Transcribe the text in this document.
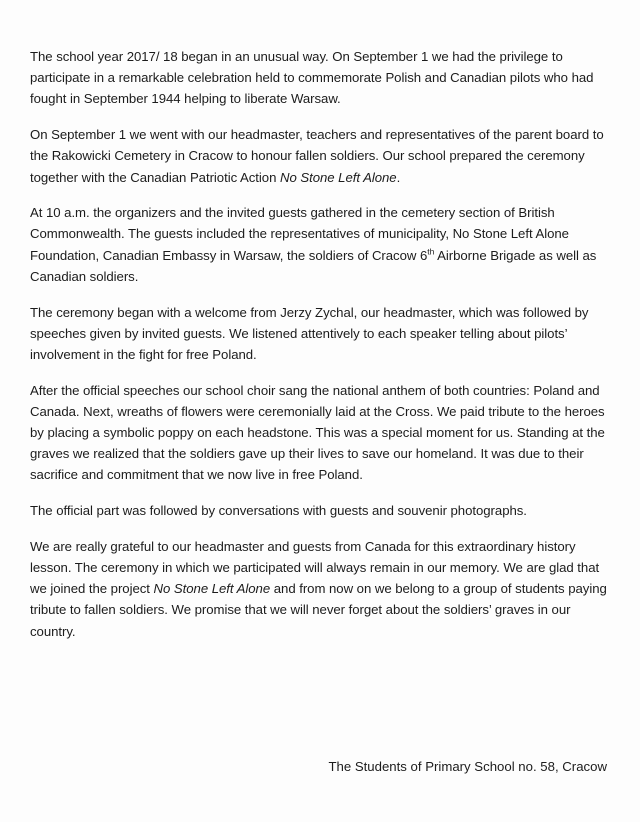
The school year 2017/ 18 began in an unusual way. On September 1 we had the privilege to participate in a remarkable celebration held to commemorate Polish and Canadian pilots who had fought in September 1944 helping to liberate Warsaw.

On September 1 we went with our headmaster, teachers and representatives of the parent board to the Rakowicki Cemetery in Cracow to honour fallen soldiers. Our school prepared the ceremony together with the Canadian Patriotic Action No Stone Left Alone.

At 10 a.m. the organizers and the invited guests gathered in the cemetery section of British Commonwealth. The guests included the representatives of municipality, No Stone Left Alone Foundation, Canadian Embassy in Warsaw, the soldiers of Cracow 6th Airborne Brigade as well as Canadian soldiers.

The ceremony began with a welcome from Jerzy Zychal, our headmaster, which was followed by speeches given by invited guests. We listened attentively to each speaker telling about pilots’ involvement in the fight for free Poland.

After the official speeches our school choir sang the national anthem of both countries: Poland and Canada. Next, wreaths of flowers were ceremonially laid at the Cross. We paid tribute to the heroes by placing a symbolic poppy on each headstone. This was a special moment for us. Standing at the graves we realized that the soldiers gave up their lives to save our homeland. It was due to their sacrifice and commitment that we now live in free Poland.

The official part was followed by conversations with guests and souvenir photographs.

We are really grateful to our headmaster and guests from Canada for this extraordinary history lesson. The ceremony in which we participated will always remain in our memory. We are glad that we joined the project No Stone Left Alone and from now on we belong to a group of students paying tribute to fallen soldiers. We promise that we will never forget about the soldiers’ graves in our country.

The Students of Primary School no. 58, Cracow
